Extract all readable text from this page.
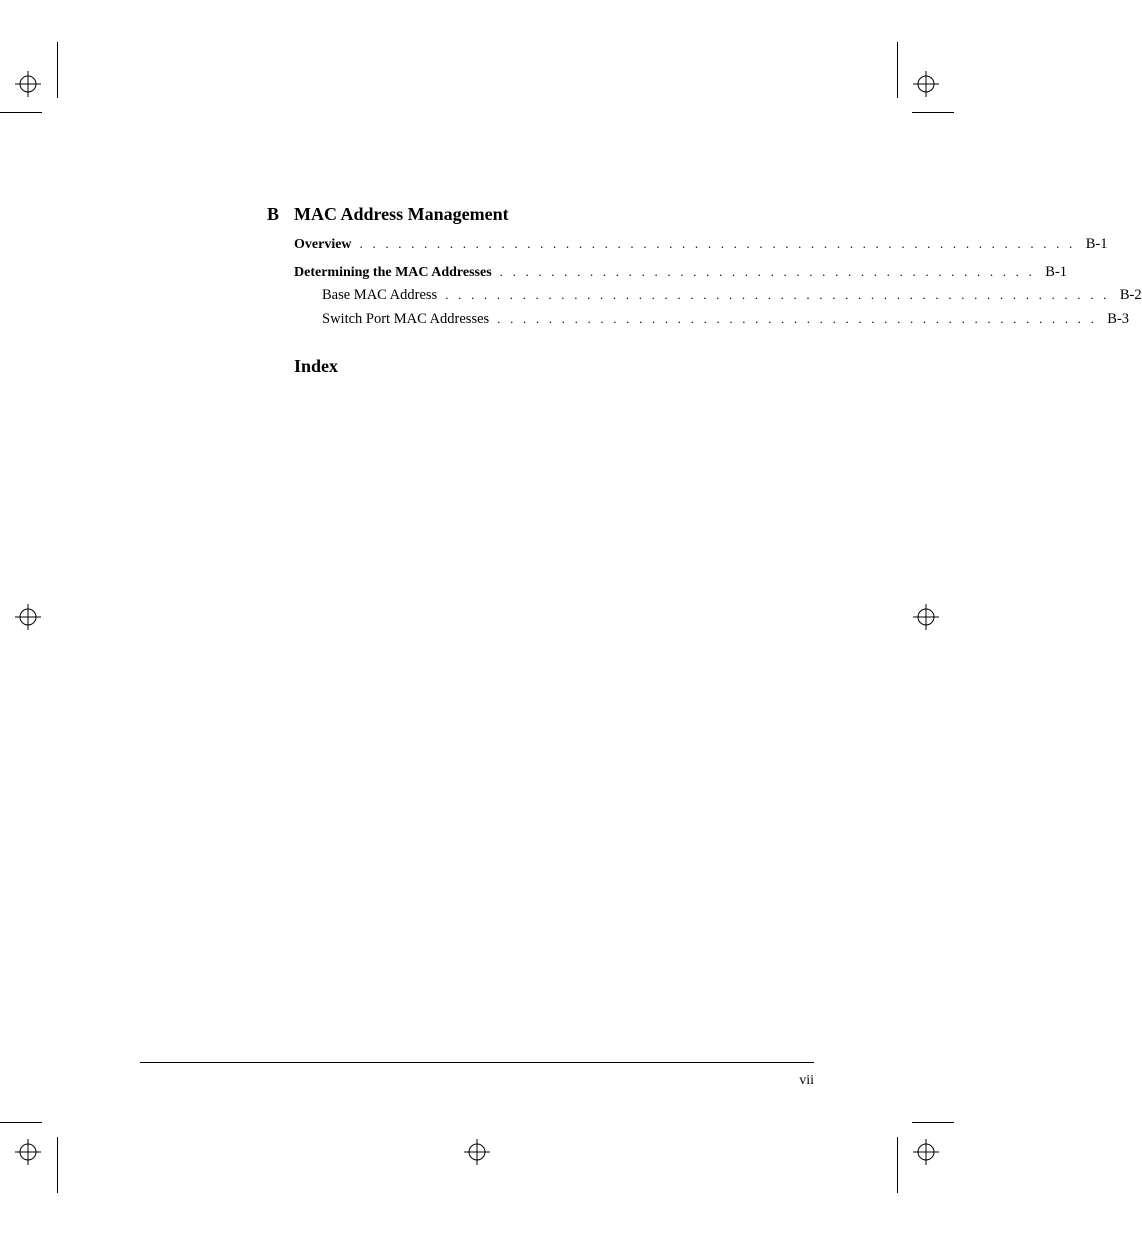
B MAC Address Management
Overview . . . . . . . . . . . . . . . . . . . . . . . . . . . . . . . . . . . . . . . . . . . . . . . . . . . . . . . . B-1
Determining the MAC Addresses . . . . . . . . . . . . . . . . . . . . . . . . . . . . . . . . . . . . . . . . . . B-1
Base MAC Address . . . . . . . . . . . . . . . . . . . . . . . . . . . . . . . . . . . . . . . . . . . . . . . . . . . . B-2
Switch Port MAC Addresses . . . . . . . . . . . . . . . . . . . . . . . . . . . . . . . . . . . . . . . . . . . . . . . B-3
Index
vii
